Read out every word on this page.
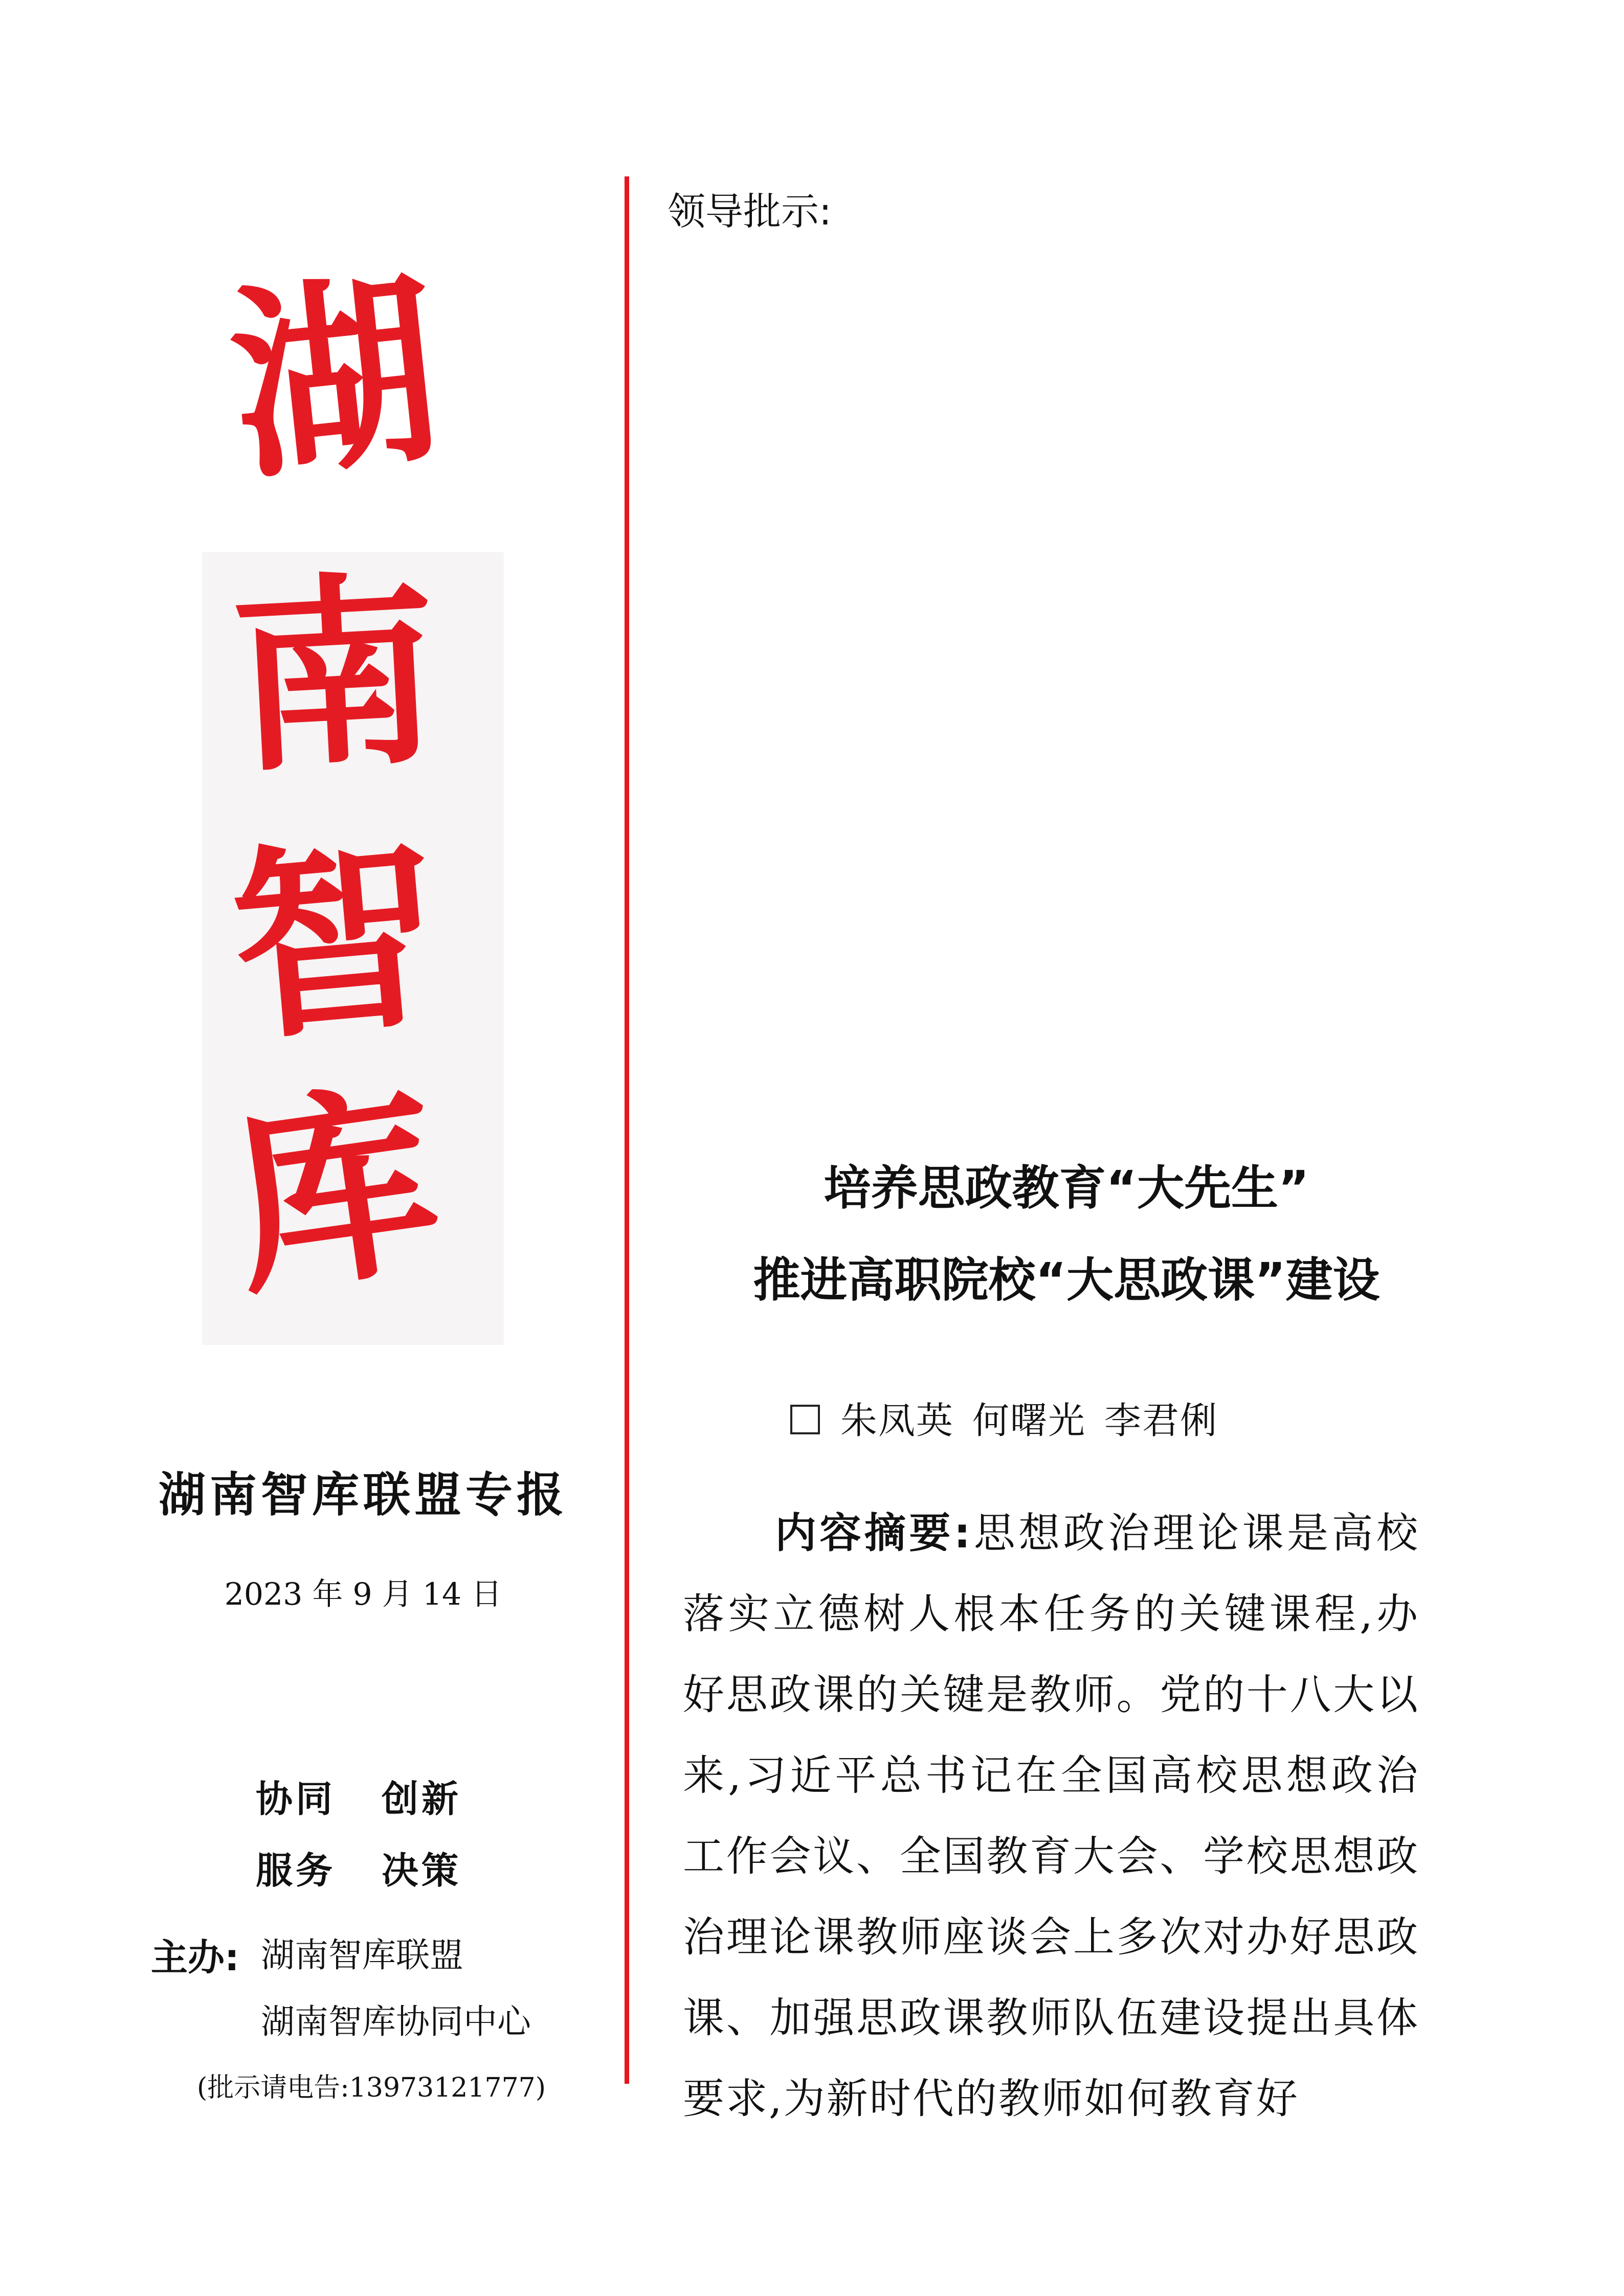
湖
南
智
库
湖南智库联盟专报
2023 年 9 月 14 日
协同 创新
服务 决策
主办: 湖南智库联盟
湖南智库协同中心
(批示请电告:13973121777)
领导批示:
培养思政教育“大先生”
推进高职院校“大思政课”建设
朱凤英 何曙光 李君俐
内容摘要:思想政治理论课是高校落实立德树人根本任务的关键课程,办好思政课的关键是教师。党的十八大以来,习近平总书记在全国高校思想政治工作会议、全国教育大会、学校思想政治理论课教师座谈会上多次对办好思政课、加强思政课教师队伍建设提出具体要求,为新时代的教师如何教育好
